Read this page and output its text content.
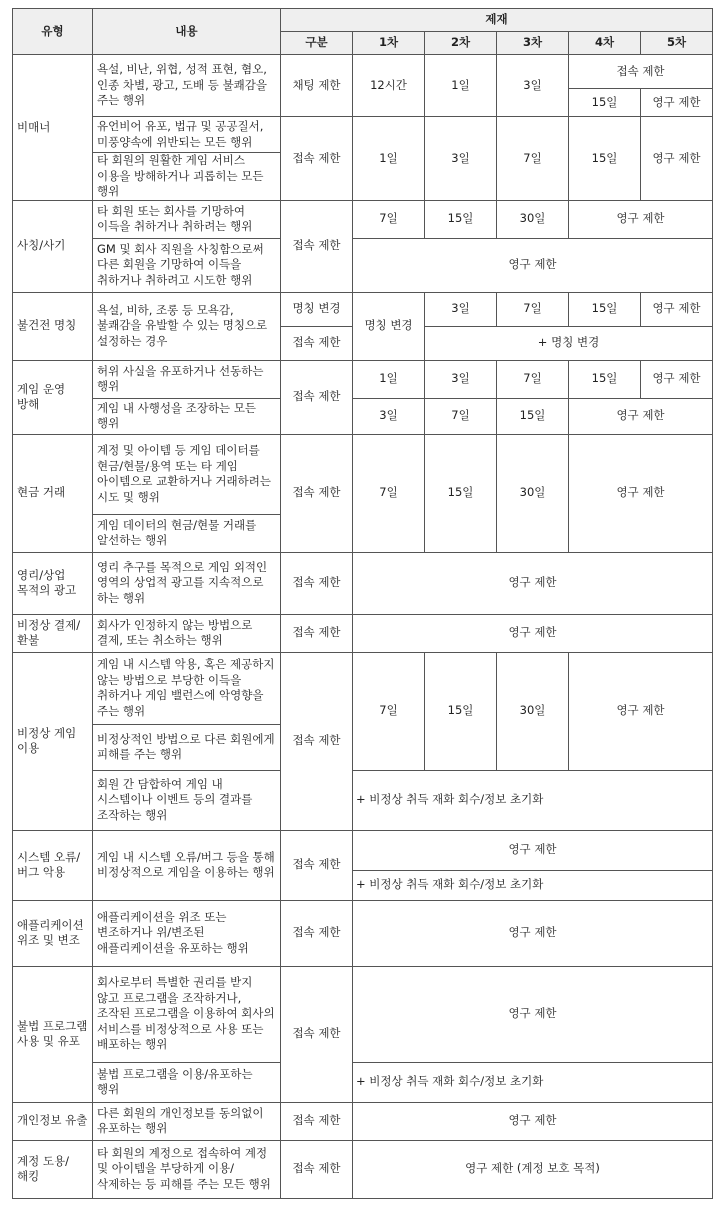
유형	내용	제재					
		구분	1차	2차	3차	4차	5차
비매너	욕설, 비난, 위협, 성적 표현, 혐오, 인종 차별, 광고, 도배 등 불쾌감을 주는 행위	채팅 제한	12시간	1일	3일	접속 제한	
						15일	영구 제한
	유언비어 유포, 법규 및 공공질서, 미풍양속에 위반되는 모든 행위	접속 제한	1일	3일	7일	15일	영구 제한
	타 회원의 원활한 게임 서비스 이용을 방해하거나 괴롭히는 모든 행위						
사칭/사기	타 회원 또는 회사를 기망하여 이득을 취하거나 취하려는 행위	접속 제한	7일	15일	30일	영구 제한	
	GM 및 회사 직원을 사칭함으로써 다른 회원을 기망하여 이득을 취하거나 취하려고 시도한 행위		영구 제한				
불건전 명칭	욕설, 비하, 조롱 등 모욕감, 불쾌감을 유발할 수 있는 명칭으로 설정하는 경우	명칭 변경	명칭 변경	3일	7일	15일	영구 제한
		접속 제한		+ 명칭 변경			
게임 운영 방해	허위 사실을 유포하거나 선동하는 행위	접속 제한	1일	3일	7일	15일	영구 제한
	게임 내 사행성을 조장하는 모든 행위		3일	7일	15일	영구 제한	
현금 거래	계정 및 아이템 등 게임 데이터를 현금/현물/용역 또는 타 게임 아이템으로 교환하거나 거래하려는 시도 및 행위	접속 제한	7일	15일	30일	영구 제한	
	게임 데이터의 현금/현물 거래를 알선하는 행위						
영리/상업 목적의 광고	영리 추구를 목적으로 게임 외적인 영역의 상업적 광고를 지속적으로 하는 행위	접속 제한	영구 제한				
비정상 결제/환불	회사가 인정하지 않는 방법으로 결제, 또는 취소하는 행위	접속 제한	영구 제한				
비정상 게임 이용	게임 내 시스템 악용, 혹은 제공하지 않는 방법으로 부당한 이득을 취하거나 게임 밸런스에 악영향을 주는 행위	접속 제한	7일	15일	30일	영구 제한	
	비정상적인 방법으로 다른 회원에게 피해를 주는 행위						
	회원 간 담합하여 게임 내 시스템이나 이벤트 등의 결과를 조작하는 행위		+ 비정상 취득 재화 회수/정보 초기화				
시스템 오류/버그 악용	게임 내 시스템 오류/버그 등을 통해 비정상적으로 게임을 이용하는 행위	접속 제한	영구 제한				
			+ 비정상 취득 재화 회수/정보 초기화				
애플리케이션 위조 및 변조	애플리케이션을 위조 또는 변조하거나 위/변조된 애플리케이션을 유포하는 행위	접속 제한	영구 제한				
불법 프로그램 사용 및 유포	회사로부터 특별한 권리를 받지 않고 프로그램을 조작하거나, 조작된 프로그램을 이용하여 회사의 서비스를 비정상적으로 사용 또는 배포하는 행위	접속 제한	영구 제한				
	불법 프로그램을 이용/유포하는 행위		+ 비정상 취득 재화 회수/정보 초기화				
개인정보 유출	다른 회원의 개인정보를 동의없이 유포하는 행위	접속 제한	영구 제한				
계정 도용/해킹	타 회원의 계정으로 접속하여 계정 및 아이템을 부당하게 이용/삭제하는 등 피해를 주는 모든 행위	접속 제한	영구 제한 (계정 보호 목적)				
